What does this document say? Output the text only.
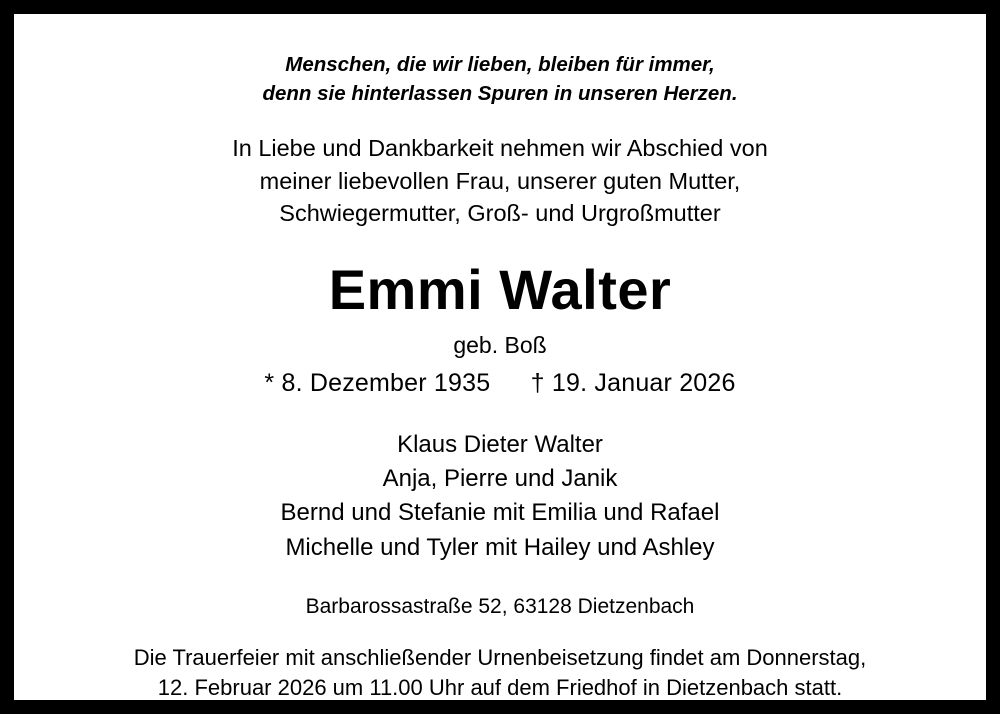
Menschen, die wir lieben, bleiben für immer,
denn sie hinterlassen Spuren in unseren Herzen.
In Liebe und Dankbarkeit nehmen wir Abschied von
meiner liebevollen Frau, unserer guten Mutter,
Schwiegermutter, Groß- und Urgroßmutter
Emmi Walter
geb. Boß
* 8. Dezember 1935 † 19. Januar 2026
Klaus Dieter Walter
Anja, Pierre und Janik
Bernd und Stefanie mit Emilia und Rafael
Michelle und Tyler mit Hailey und Ashley
Barbarossastraße 52, 63128 Dietzenbach
Die Trauerfeier mit anschließender Urnenbeisetzung findet am Donnerstag,
12. Februar 2026 um 11.00 Uhr auf dem Friedhof in Dietzenbach statt.
